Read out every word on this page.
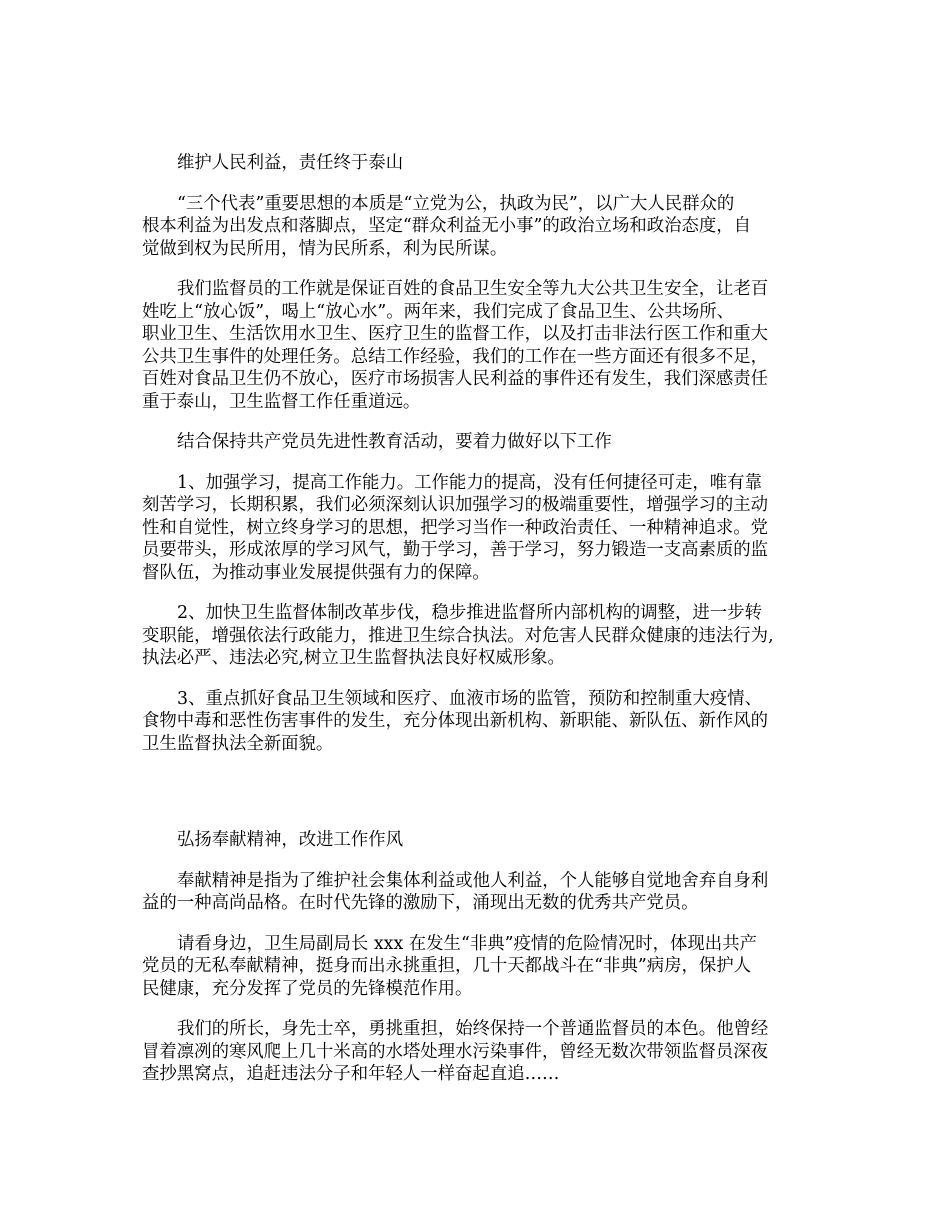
维护人民利益，责任终于泰山

“三个代表”重要思想的本质是“立党为公，执政为民”，以广大人民群众的
根本利益为出发点和落脚点，坚定“群众利益无小事”的政治立场和政治态度，自
觉做到权为民所用，情为民所系，利为民所谋。

我们监督员的工作就是保证百姓的食品卫生安全等九大公共卫生安全，让老百
姓吃上“放心饭”，喝上“放心水”。两年来，我们完成了食品卫生、公共场所、
职业卫生、生活饮用水卫生、医疗卫生的监督工作，以及打击非法行医工作和重大
公共卫生事件的处理任务。总结工作经验，我们的工作在一些方面还有很多不足，
百姓对食品卫生仍不放心，医疗市场损害人民利益的事件还有发生，我们深感责任
重于泰山，卫生监督工作任重道远。

结合保持共产党员先进性教育活动，要着力做好以下工作

1、加强学习，提高工作能力。工作能力的提高，没有任何捷径可走，唯有靠
刻苦学习，长期积累，我们必须深刻认识加强学习的极端重要性，增强学习的主动
性和自觉性，树立终身学习的思想，把学习当作一种政治责任、一种精神追求。党
员要带头，形成浓厚的学习风气，勤于学习，善于学习，努力锻造一支高素质的监
督队伍，为推动事业发展提供强有力的保障。

2、加快卫生监督体制改革步伐，稳步推进监督所内部机构的调整，进一步转
变职能，增强依法行政能力，推进卫生综合执法。对危害人民群众健康的违法行为,
执法必严、违法必究,树立卫生监督执法良好权威形象。

3、重点抓好食品卫生领域和医疗、血液市场的监管，预防和控制重大疫情、
食物中毒和恶性伤害事件的发生，充分体现出新机构、新职能、新队伍、新作风的
卫生监督执法全新面貌。

弘扬奉献精神，改进工作作风

奉献精神是指为了维护社会集体利益或他人利益，个人能够自觉地舍弃自身利
益的一种高尚品格。在时代先锋的激励下，涌现出无数的优秀共产党员。

请看身边，卫生局副局长 xxx 在发生“非典”疫情的危险情况时，体现出共产
党员的无私奉献精神，挺身而出永挑重担，几十天都战斗在“非典”病房，保护人
民健康，充分发挥了党员的先锋模范作用。

我们的所长，身先士卒，勇挑重担，始终保持一个普通监督员的本色。他曾经
冒着凛冽的寒风爬上几十米高的水塔处理水污染事件，曾经无数次带领监督员深夜
查抄黑窝点，追赶违法分子和年轻人一样奋起直追……
